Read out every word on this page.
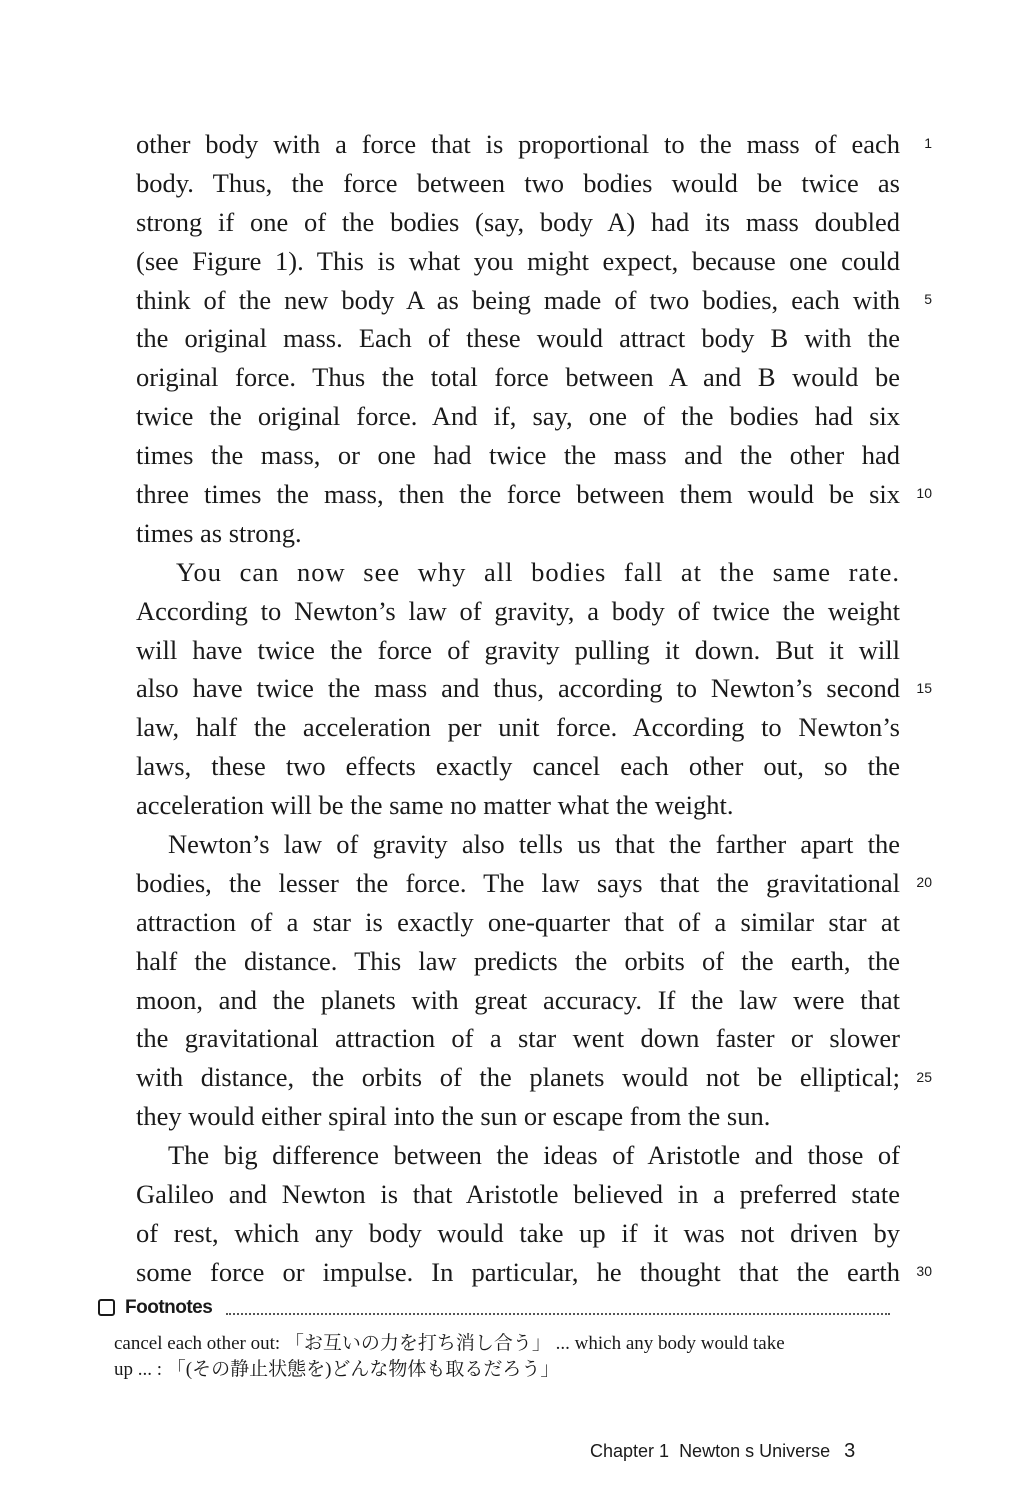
other body with a force that is proportional to the mass of each
body. Thus, the force between two bodies would be twice as
strong if one of the bodies (say, body A) had its mass doubled
(see Figure 1). This is what you might expect, because one could
think of the new body A as being made of two bodies, each with
the original mass. Each of these would attract body B with the
original force. Thus the total force between A and B would be
twice the original force. And if, say, one of the bodies had six
times the mass, or one had twice the mass and the other had
three times the mass, then the force between them would be six
times as strong.
You can now see why all bodies fall at the same rate.
According to Newton’s law of gravity, a body of twice the weight
will have twice the force of gravity pulling it down. But it will
also have twice the mass and thus, according to Newton’s second
law, half the acceleration per unit force. According to Newton’s
laws, these two effects exactly cancel each other out, so the
acceleration will be the same no matter what the weight.
Newton’s law of gravity also tells us that the farther apart the
bodies, the lesser the force. The law says that the gravitational
attraction of a star is exactly one-quarter that of a similar star at
half the distance. This law predicts the orbits of the earth, the
moon, and the planets with great accuracy. If the law were that
the gravitational attraction of a star went down faster or slower
with distance, the orbits of the planets would not be elliptical;
they would either spiral into the sun or escape from the sun.
The big difference between the ideas of Aristotle and those of
Galileo and Newton is that Aristotle believed in a preferred state
of rest, which any body would take up if it was not driven by
some force or impulse. In particular, he thought that the earth
1
5
10
15
20
25
30
Footnotes
cancel each other out: 「お互いの力を打ち消し合う」 ... which any body would take
up ... : 「(その静止状態を)どんな物体も取るだろう」
Chapter 1 Newton s Universe 3
